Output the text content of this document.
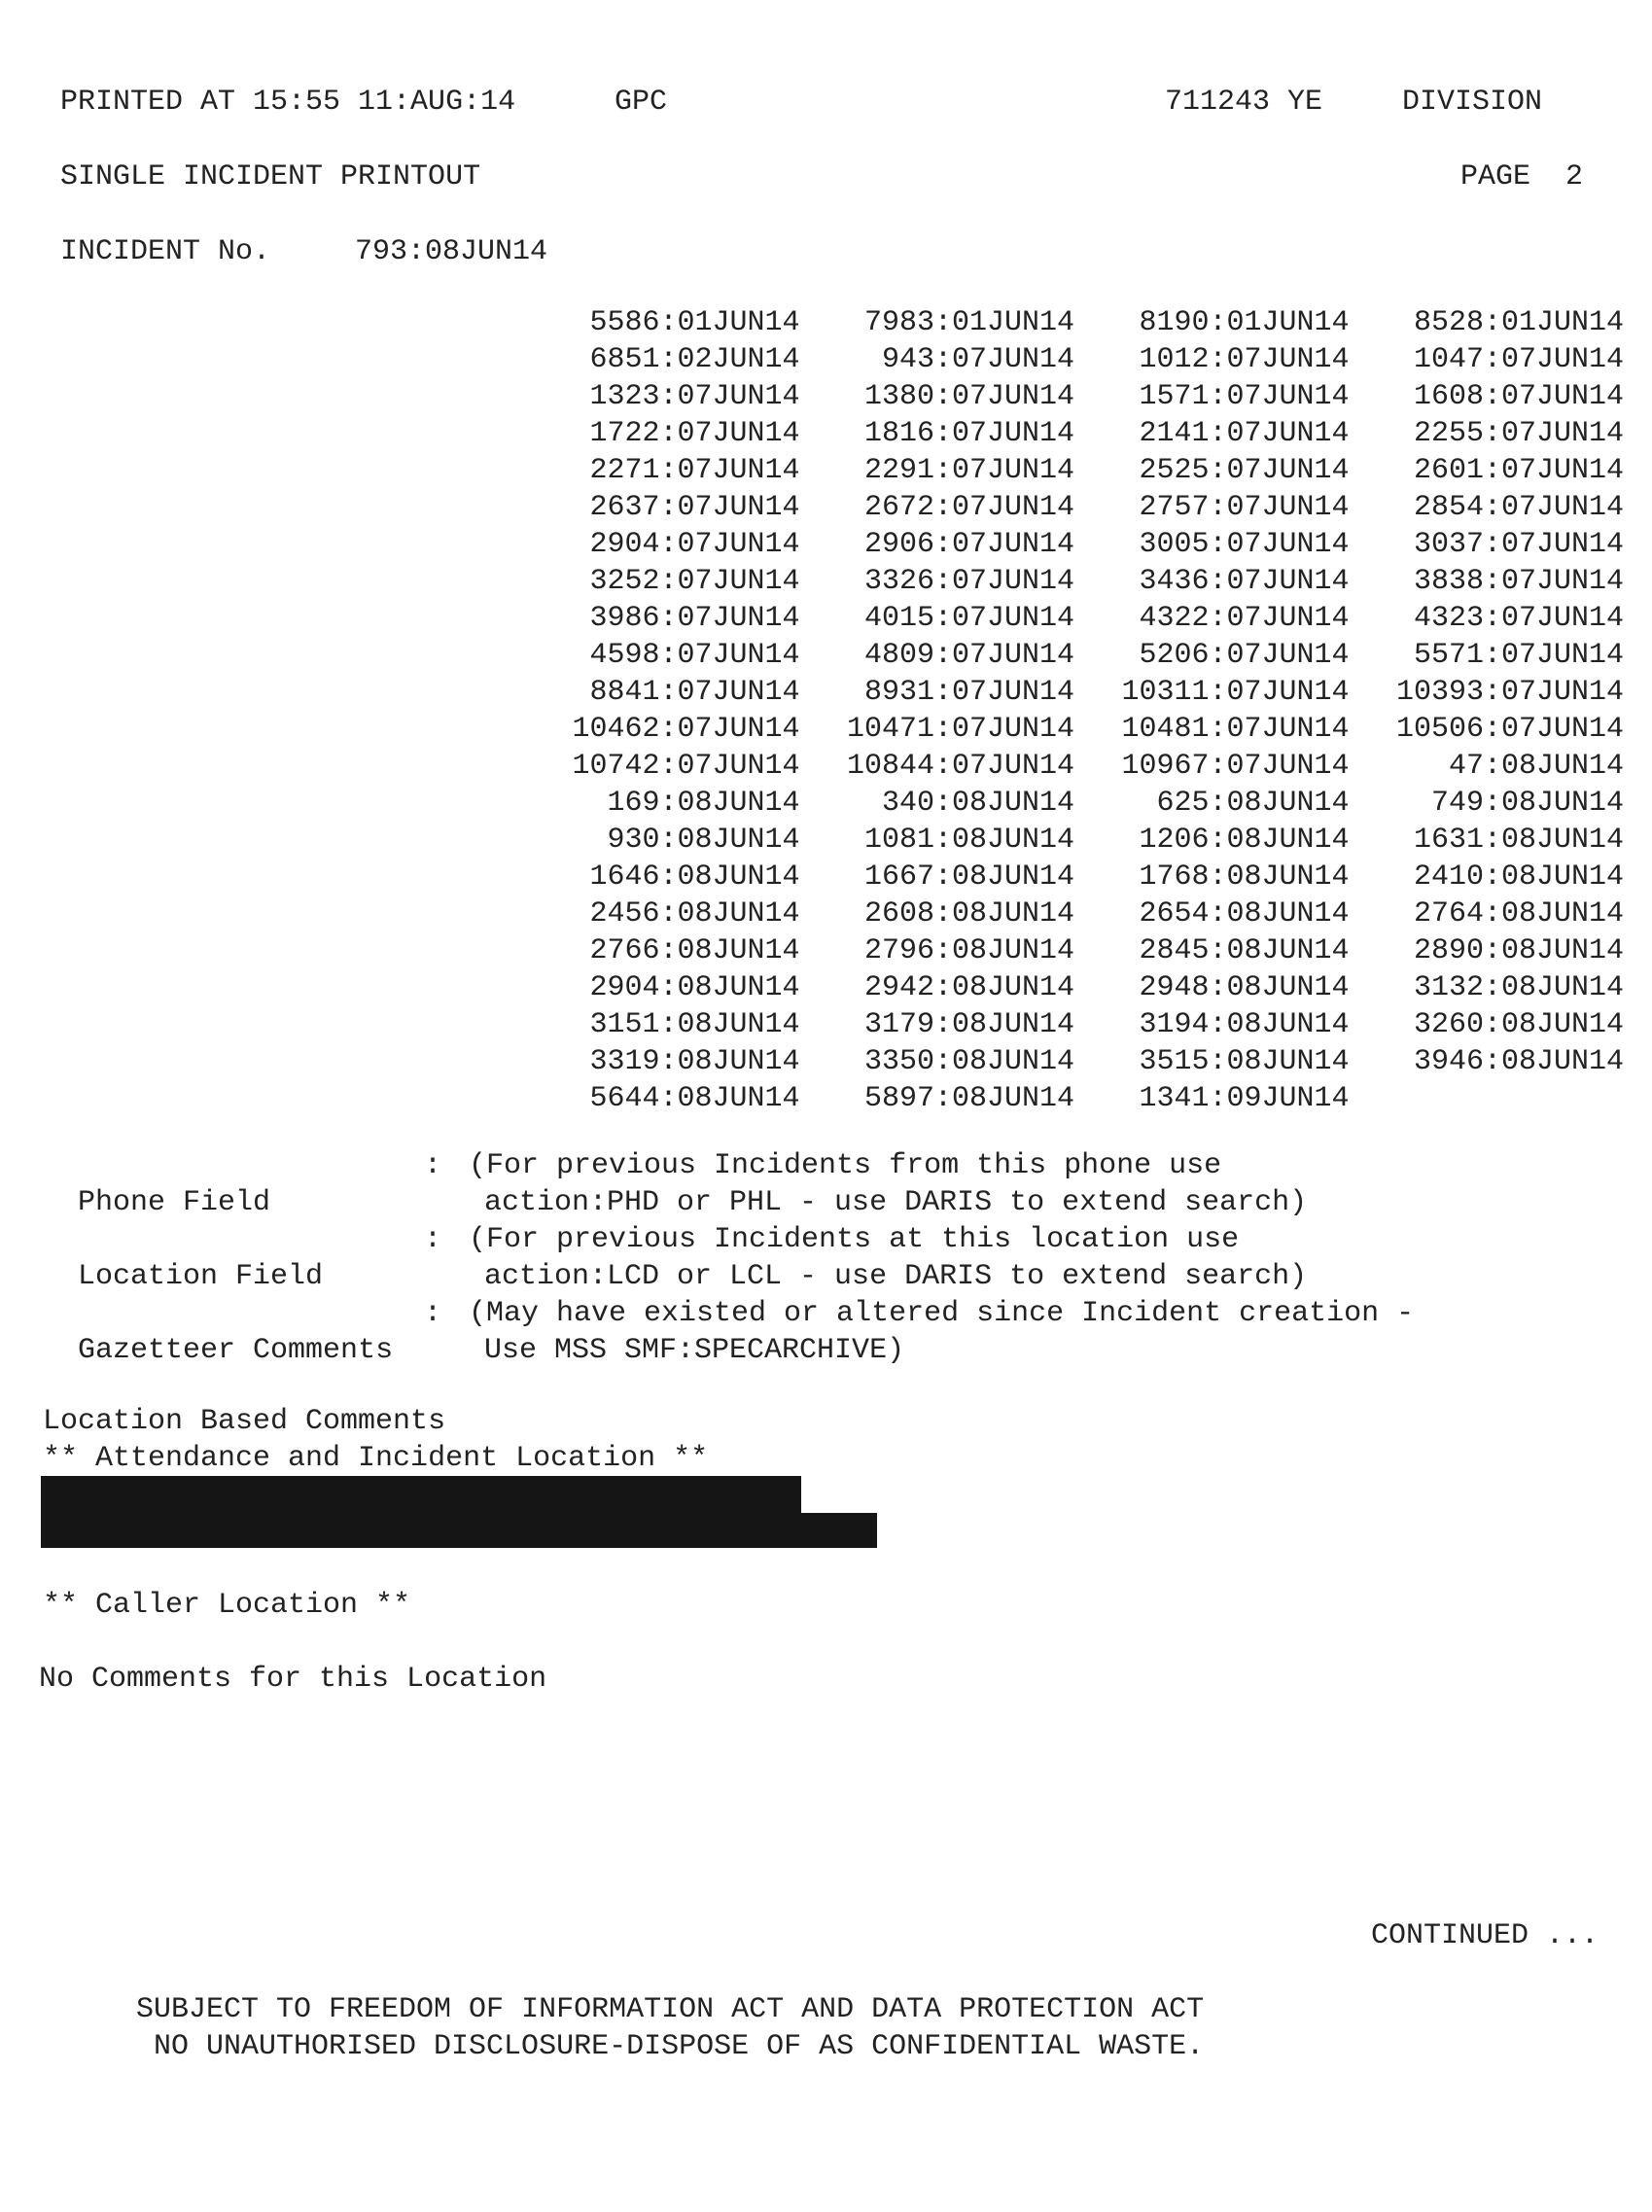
PRINTED AT 15:55 11:AUG:14	GPC	711243 YE	DIVISION
SINGLE INCIDENT PRINTOUT	PAGE  2
INCIDENT No.	793:08JUN14
5586:01JUN14	7983:01JUN14	8190:01JUN14	8528:01JUN14
6851:02JUN14	943:07JUN14	1012:07JUN14	1047:07JUN14
1323:07JUN14	1380:07JUN14	1571:07JUN14	1608:07JUN14
1722:07JUN14	1816:07JUN14	2141:07JUN14	2255:07JUN14
2271:07JUN14	2291:07JUN14	2525:07JUN14	2601:07JUN14
2637:07JUN14	2672:07JUN14	2757:07JUN14	2854:07JUN14
2904:07JUN14	2906:07JUN14	3005:07JUN14	3037:07JUN14
3252:07JUN14	3326:07JUN14	3436:07JUN14	3838:07JUN14
3986:07JUN14	4015:07JUN14	4322:07JUN14	4323:07JUN14
4598:07JUN14	4809:07JUN14	5206:07JUN14	5571:07JUN14
8841:07JUN14	8931:07JUN14	10311:07JUN14	10393:07JUN14
10462:07JUN14	10471:07JUN14	10481:07JUN14	10506:07JUN14
10742:07JUN14	10844:07JUN14	10967:07JUN14	47:08JUN14
169:08JUN14	340:08JUN14	625:08JUN14	749:08JUN14
930:08JUN14	1081:08JUN14	1206:08JUN14	1631:08JUN14
1646:08JUN14	1667:08JUN14	1768:08JUN14	2410:08JUN14
2456:08JUN14	2608:08JUN14	2654:08JUN14	2764:08JUN14
2766:08JUN14	2796:08JUN14	2845:08JUN14	2890:08JUN14
2904:08JUN14	2942:08JUN14	2948:08JUN14	3132:08JUN14
3151:08JUN14	3179:08JUN14	3194:08JUN14	3260:08JUN14
3319:08JUN14	3350:08JUN14	3515:08JUN14	3946:08JUN14
5644:08JUN14	5897:08JUN14	1341:09JUN14

Phone Field

:

(For previous Incidents from this phone use

action:PHD or PHL - use DARIS to extend search)

Location Field

:

(For previous Incidents at this location use

action:LCD or LCL - use DARIS to extend search)

Gazetteer Comments

:

(May have existed or altered since Incident creation -

Use MSS SMF:SPECARCHIVE)

Location Based Comments
** Attendance and Incident Location **
** Caller Location **
No Comments for this Location
CONTINUED ...
SUBJECT TO FREEDOM OF INFORMATION ACT AND DATA PROTECTION ACT
NO UNAUTHORISED DISCLOSURE-DISPOSE OF AS CONFIDENTIAL WASTE.
